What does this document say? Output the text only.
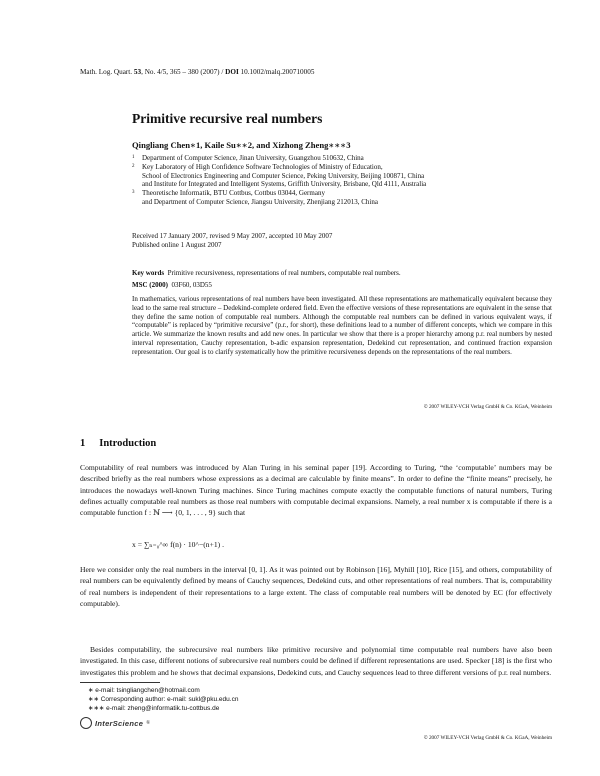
Math. Log. Quart. 53, No. 4/5, 365 – 380 (2007) / DOI 10.1002/malq.200710005
Primitive recursive real numbers
Qingliang Chen∗1, Kaile Su∗∗2, and Xizhong Zheng∗∗∗3
1	Department of Computer Science, Jinan University, Guangzhou 510632, China
2	Key Laboratory of High Confidence Software Technologies of Ministry of Education,
School of Electronics Engineering and Computer Science, Peking University, Beijing 100871, China
and Institute for Integrated and Intelligent Systems, Griffith University, Brisbane, Qld 4111, Australia
3	Theoretische Informatik, BTU Cottbus, Cottbus 03044, Germany
and Department of Computer Science, Jiangsu University, Zhenjiang 212013, China
Received 17 January 2007, revised 9 May 2007, accepted 10 May 2007
Published online 1 August 2007
Key words Primitive recursiveness, representations of real numbers, computable real numbers.
MSC (2000) 03F60, 03D55
In mathematics, various representations of real numbers have been investigated. All these representations are mathematically equivalent because they lead to the same real structure – Dedekind-complete ordered field. Even the effective versions of these representations are equivalent in the sense that they define the same notion of computable real numbers. Although the computable real numbers can be defined in various equivalent ways, if “computable” is replaced by “primitive recursive” (p.r., for short), these definitions lead to a number of different concepts, which we compare in this article. We summarize the known results and add new ones. In particular we show that there is a proper hierarchy among p.r. real numbers by nested interval representation, Cauchy representation, b-adic expansion representation, Dedekind cut representation, and continued fraction expansion representation. Our goal is to clarify systematically how the primitive recursiveness depends on the representations of the real numbers.
© 2007 WILEY-VCH Verlag GmbH & Co. KGaA, Weinheim
1 Introduction
Computability of real numbers was introduced by Alan Turing in his seminal paper [19]. According to Turing, “the ‘computable’ numbers may be described briefly as the real numbers whose expressions as a decimal are calculable by finite means”. In order to define the “finite means” precisely, he introduces the nowadays well-known Turing machines. Since Turing machines compute exactly the computable functions of natural numbers, Turing defines actually computable real numbers as those real numbers with computable decimal expansions. Namely, a real number x is computable if there is a computable function f : ℕ ⟶ {0, 1, . . . , 9} such that
x = ∑ₙ₌₀^∞ f(n) · 10^−(n+1) .
Here we consider only the real numbers in the interval [0, 1]. As it was pointed out by Robinson [16], Myhill [10], Rice [15], and others, computability of real numbers can be equivalently defined by means of Cauchy sequences, Dedekind cuts, and other representations of real numbers. That is, computability of real numbers is independent of their representations to a large extent. The class of computable real numbers will be denoted by EC (for effectively computable).
Besides computability, the subrecursive real numbers like primitive recursive and polynomial time computable real numbers have also been investigated. In this case, different notions of subrecursive real numbers could be defined if different representations are used. Specker [18] is the first who investigates this problem and he shows that decimal expansions, Dedekind cuts, and Cauchy sequences lead to three different versions of p.r. real numbers.
∗ e-mail: tsingliangchen@hotmail.com
∗∗ Corresponding author: e-mail: sukl@pku.edu.cn
∗∗∗ e-mail: zheng@informatik.tu-cottbus.de
InterScience ®
© 2007 WILEY-VCH Verlag GmbH & Co. KGaA, Weinheim
